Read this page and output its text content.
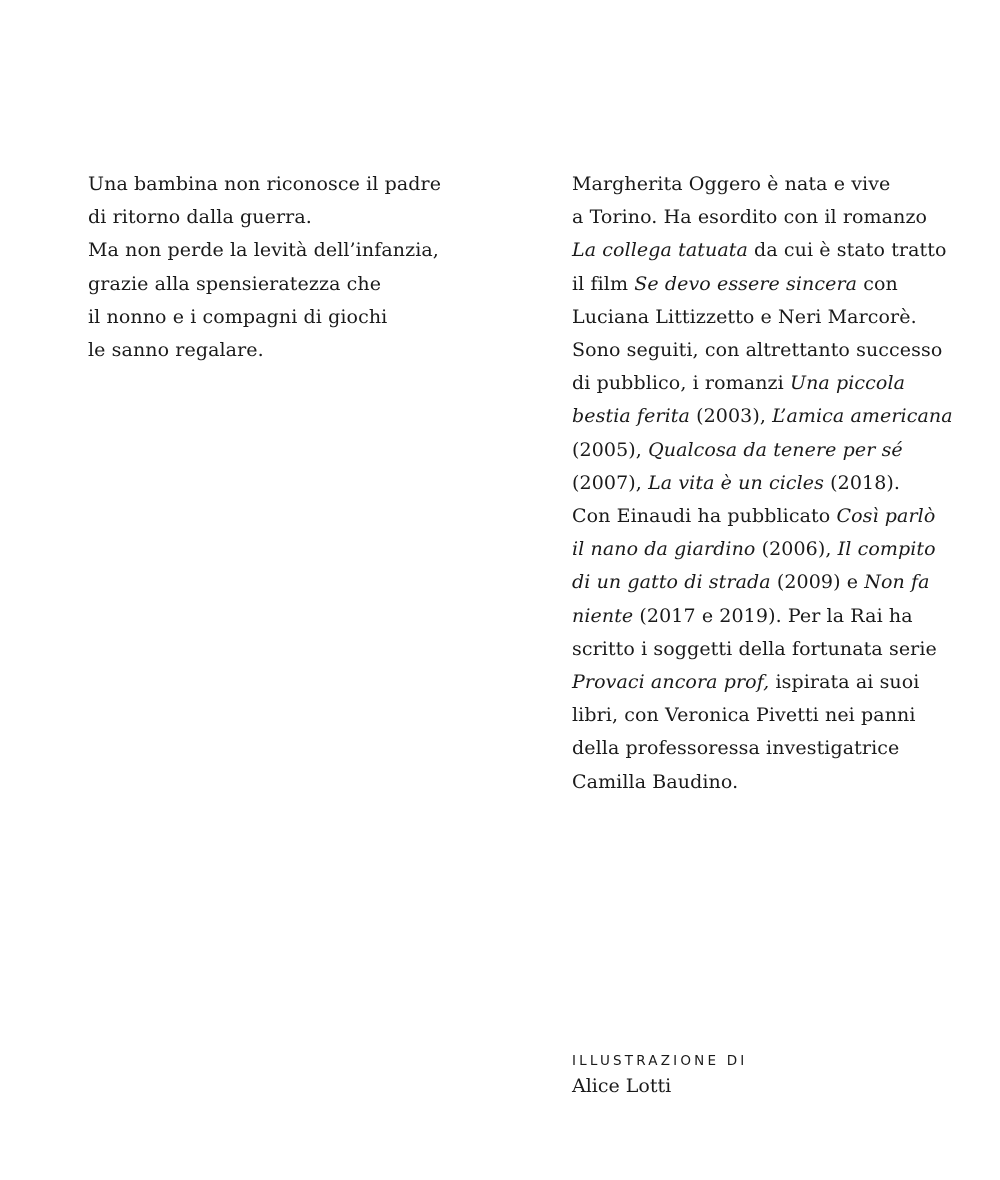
Una bambina non riconosce il padre
di ritorno dalla guerra.
Ma non perde la levità dell’infanzia,
grazie alla spensieratezza che
il nonno e i compagni di giochi
le sanno regalare.
Margherita Oggero è nata e vive
a Torino. Ha esordito con il romanzo
La collega tatuata da cui è stato tratto
il film Se devo essere sincera con
Luciana Littizzetto e Neri Marcorè.
Sono seguiti, con altrettanto successo
di pubblico, i romanzi Una piccola
bestia ferita (2003), L’amica americana
(2005), Qualcosa da tenere per sé
(2007), La vita è un cicles (2018).
Con Einaudi ha pubblicato Così parlò
il nano da giardino (2006), Il compito
di un gatto di strada (2009) e Non fa
niente (2017 e 2019). Per la Rai ha
scritto i soggetti della fortunata serie
Provaci ancora prof, ispirata ai suoi
libri, con Veronica Pivetti nei panni
della professoressa investigatrice
Camilla Baudino.
ILLUSTRAZIONE DI
Alice Lotti
